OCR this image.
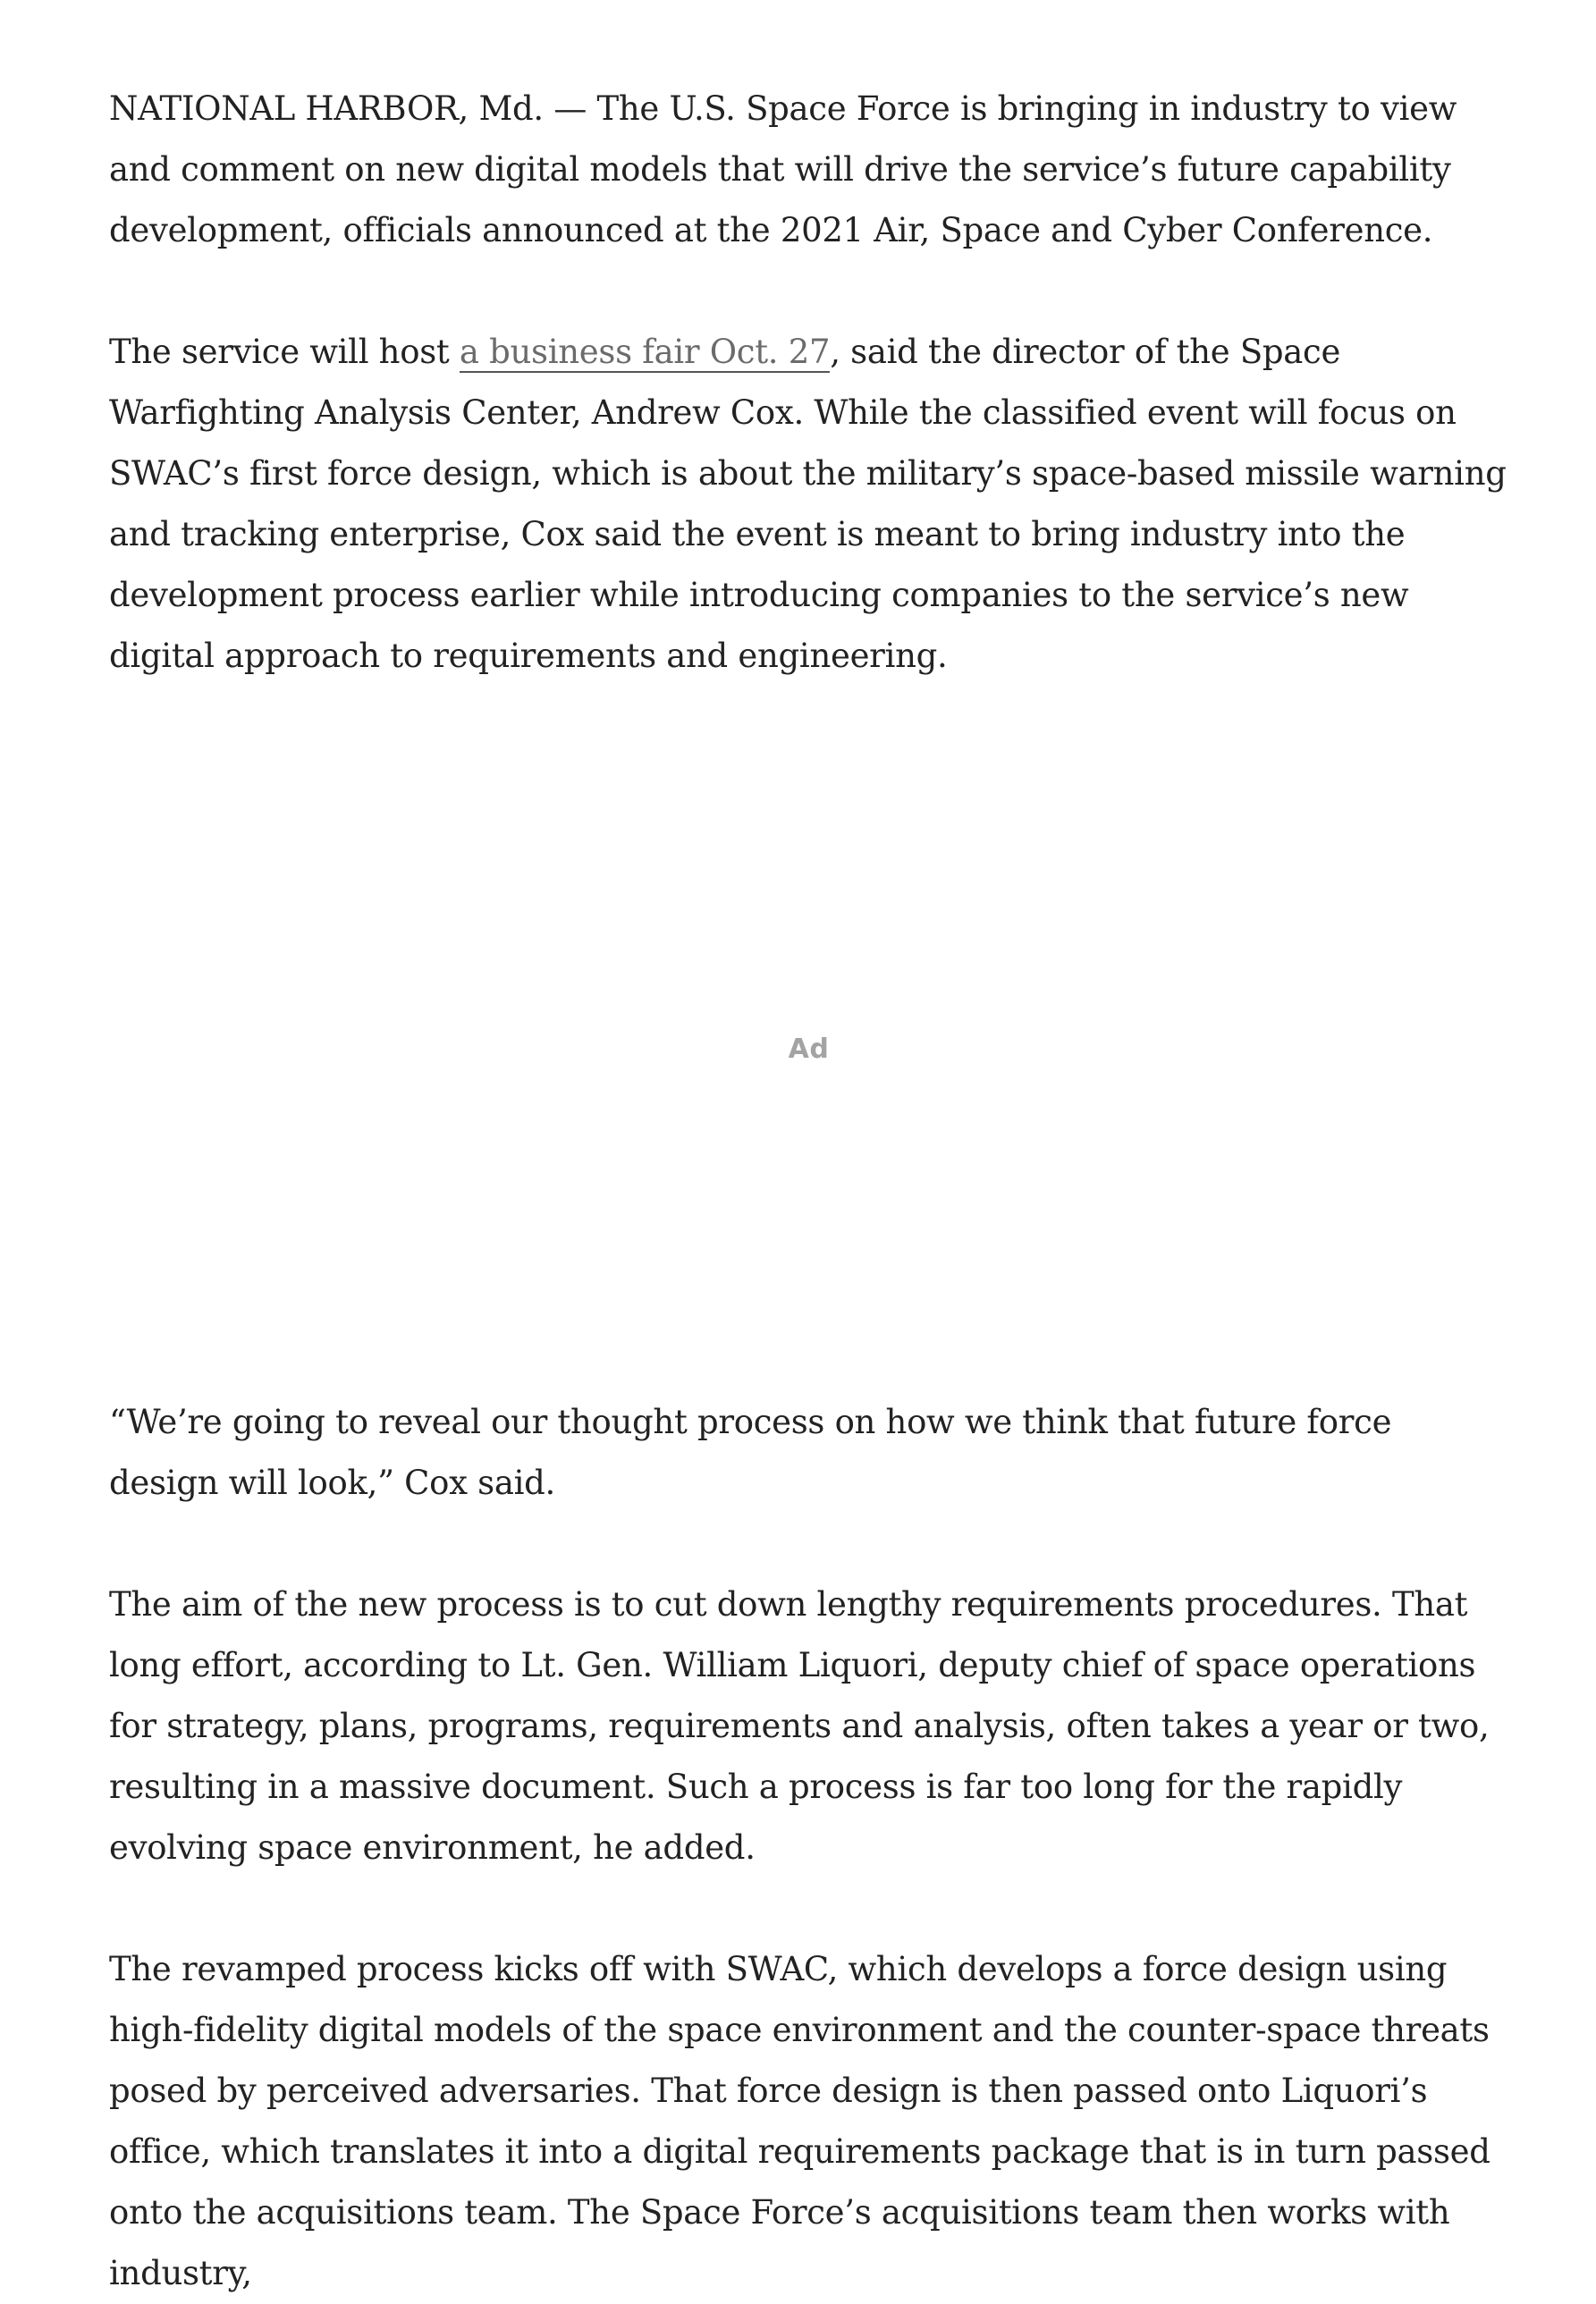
NATIONAL HARBOR, Md. — The U.S. Space Force is bringing in industry to view and comment on new digital models that will drive the service’s future capability development, officials announced at the 2021 Air, Space and Cyber Conference.

The service will host a business fair Oct. 27, said the director of the Space Warfighting Analysis Center, Andrew Cox. While the classified event will focus on SWAC’s first force design, which is about the military’s space-based missile warning and tracking enterprise, Cox said the event is meant to bring industry into the development process earlier while introducing companies to the service’s new digital approach to requirements and engineering.

Ad

“We’re going to reveal our thought process on how we think that future force design will look,” Cox said.

The aim of the new process is to cut down lengthy requirements procedures. That long effort, according to Lt. Gen. William Liquori, deputy chief of space operations for strategy, plans, programs, requirements and analysis, often takes a year or two, resulting in a massive document. Such a process is far too long for the rapidly evolving space environment, he added.

The revamped process kicks off with SWAC, which develops a force design using high-fidelity digital models of the space environment and the counter-space threats posed by perceived adversaries. That force design is then passed onto Liquori’s office, which translates it into a digital requirements package that is in turn passed onto the acquisitions team. The Space Force’s acquisitions team then works with industry,
